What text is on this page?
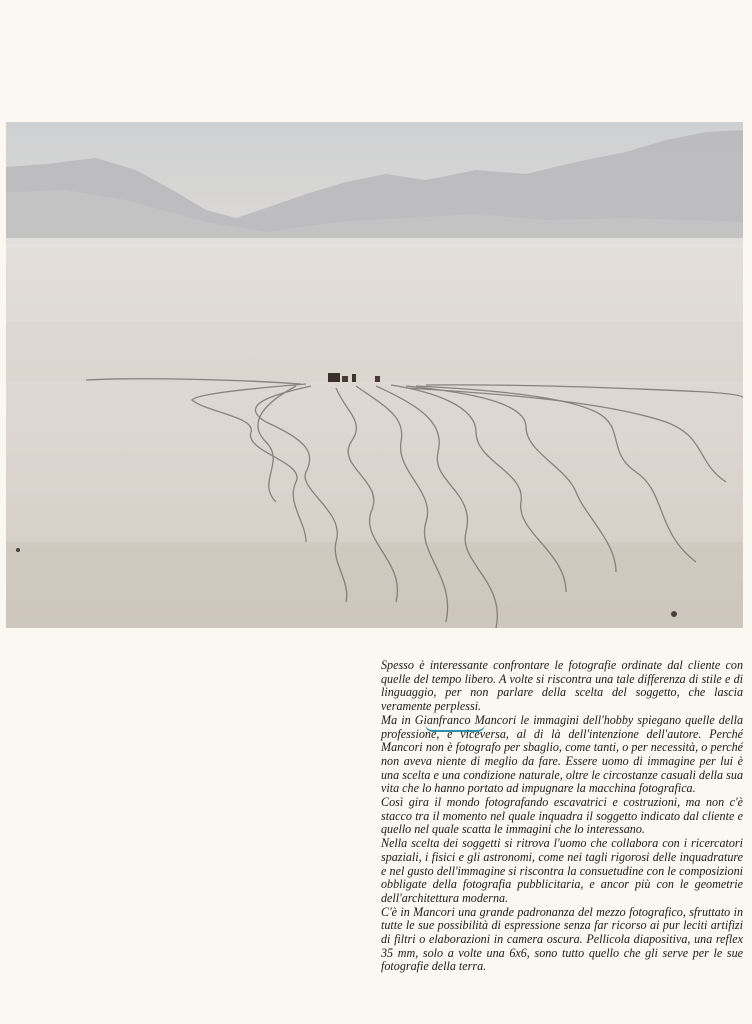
Spesso è interessante confrontare le fotografie ordinate dal cliente con quelle del tempo libero. A volte si riscontra una tale differenza di stile e di linguaggio, per non parlare della scelta del soggetto, che lascia veramente perplessi.

Ma in Gianfranco Mancori le immagini dell'hobby spiegano quelle della professione, e viceversa, al di là dell'intenzione dell'autore. Perché Mancori non è fotografo per sbaglio, come tanti, o per necessità, o perché non aveva niente di meglio da fare. Essere uomo di immagine per lui è una scelta e una condizione naturale, oltre le circostanze casuali della sua vita che lo hanno portato ad impugnare la macchina fotografica.

Così gira il mondo fotografando escavatrici e costruzioni, ma non c'è stacco tra il momento nel quale inquadra il soggetto indicato dal cliente e quello nel quale scatta le immagini che lo interessano.

Nella scelta dei soggetti si ritrova l'uomo che collabora con i ricercatori spaziali, i fisici e gli astronomi, come nei tagli rigorosi delle inquadrature e nel gusto dell'immagine si riscontra la consuetudine con le composizioni obbligate della fotografia pubblicitaria, e ancor più con le geometrie dell'architettura moderna.

C'è in Mancori una grande padronanza del mezzo fotografico, sfruttato in tutte le sue possibilità di espressione senza far ricorso ai pur leciti artifizi di filtri o elaborazioni in camera oscura. Pellicola diapositiva, una reflex 35 mm, solo a volte una 6x6, sono tutto quello che gli serve per le sue fotografie della terra.
